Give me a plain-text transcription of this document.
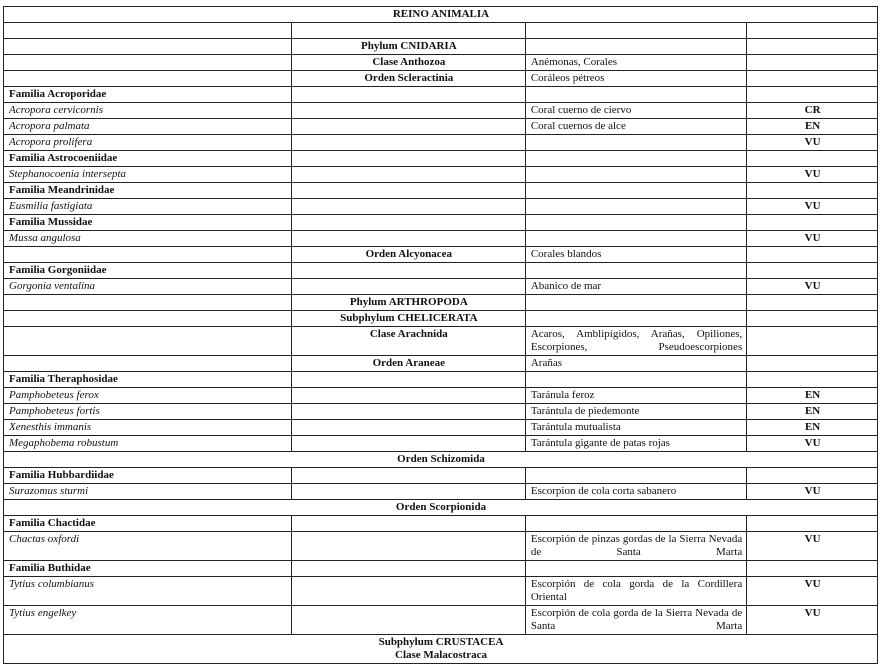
REINO ANIMALIA			

	Phylum CNIDARIA		
	Clase Anthozoa	Anémonas, Corales	
	Orden Scleractinia	Coráleos pétreos	
Familia Acroporidae			
Acropora cervicornis		Coral cuerno de ciervo	CR
Acropora palmata		Coral cuernos de alce	EN
Acropora prolifera			VU
Familia Astrocoeniidae			
Stephanocoenia intersepta			VU
Familia Meandrinidae			
Eusmilia fastigiata			VU
Familia Mussidae			
Mussa angulosa			VU
	Orden Alcyonacea	Corales blandos	
Familia Gorgoniidae			
Gorgonia ventalina		Abanico de mar	VU
	Phylum ARTHROPODA		
	Subphylum CHELICERATA		
	Clase Arachnida	Acaros, Amblipígidos, Arañas, Opiliones, Escorpiones, Pseudoescorpiones	
	Orden Araneae	Arañas	
Familia Theraphosidae			
Pamphobeteus ferox		Taránula feroz	EN
Pamphobeteus fortis		Tarántula de piedemonte	EN
Xenesthis immanis		Tarántula mutualista	EN
Megaphobema robustum		Tarántula gigante de patas rojas	VU
Orden Schizomida			
Familia Hubbardiidae			
Surazomus sturmi		Escorpion de cola corta sabanero	VU
Orden Scorpionida			
Familia Chactidae			
Chactas oxfordi		Escorpión de pinzas gordas de la Sierra Nevada de Santa Marta	VU
Familia Buthidae			
Tytius columbianus		Escorpión de cola gorda de la Cordillera Oriental	VU
Tytius engelkey		Escorpión de cola gorda de la Sierra Nevada de Santa Marta	VU

Subphylum CRUSTACEA
Clase Malacostraca			
